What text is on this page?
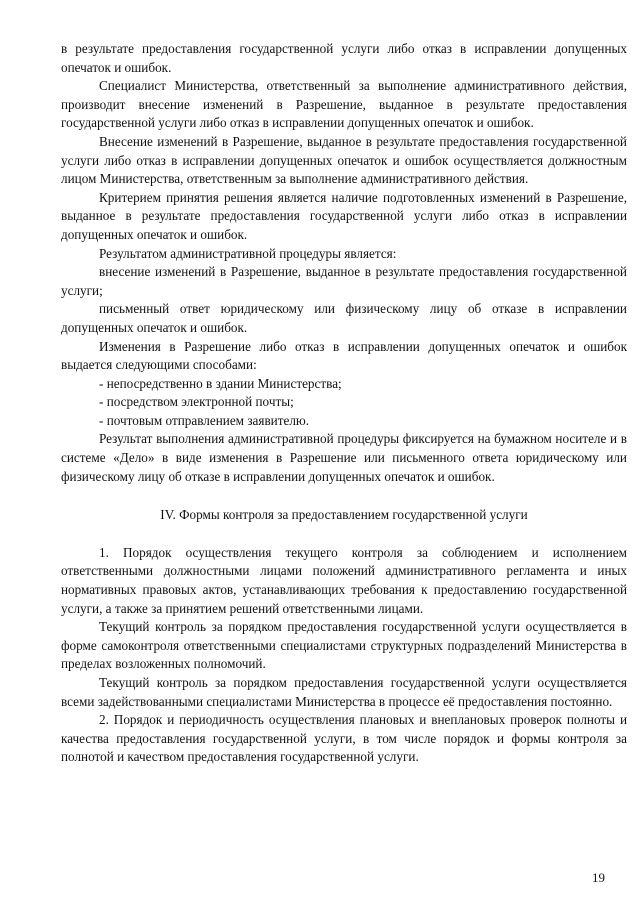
в результате предоставления государственной услуги либо отказ в исправлении допущенных опечаток и ошибок.

Специалист Министерства, ответственный за выполнение административного действия, производит внесение изменений в Разрешение, выданное в результате предоставления государственной услуги либо отказ в исправлении допущенных опечаток и ошибок.

Внесение изменений в Разрешение, выданное в результате предоставления государственной услуги либо отказ в исправлении допущенных опечаток и ошибок осуществляется должностным лицом Министерства, ответственным за выполнение административного действия.

Критерием принятия решения является наличие подготовленных изменений в Разрешение, выданное в результате предоставления государственной услуги либо отказ в исправлении допущенных опечаток и ошибок.

Результатом административной процедуры является:

внесение изменений в Разрешение, выданное в результате предоставления государственной услуги;

письменный ответ юридическому или физическому лицу об отказе в исправлении допущенных опечаток и ошибок.

Изменения в Разрешение либо отказ в исправлении допущенных опечаток и ошибок выдается следующими способами:

- непосредственно в здании Министерства;

- посредством электронной почты;

- почтовым отправлением заявителю.

Результат выполнения административной процедуры фиксируется на бумажном носителе и в системе «Дело» в виде изменения в Разрешение или письменного ответа юридическому или физическому лицу об отказе в исправлении допущенных опечаток и ошибок.

IV. Формы контроля за предоставлением государственной услуги

1. Порядок осуществления текущего контроля за соблюдением и исполнением ответственными должностными лицами положений административного регламента и иных нормативных правовых актов, устанавливающих требования к предоставлению государственной услуги, а также за принятием решений ответственными лицами.

Текущий контроль за порядком предоставления государственной услуги осуществляется в форме самоконтроля ответственными специалистами структурных подразделений Министерства в пределах возложенных полномочий.

Текущий контроль за порядком предоставления государственной услуги осуществляется всеми задействованными специалистами Министерства в процессе её предоставления постоянно.

2. Порядок и периодичность осуществления плановых и внеплановых проверок полноты и качества предоставления государственной услуги, в том числе порядок и формы контроля за полнотой и качеством предоставления государственной услуги.

19
